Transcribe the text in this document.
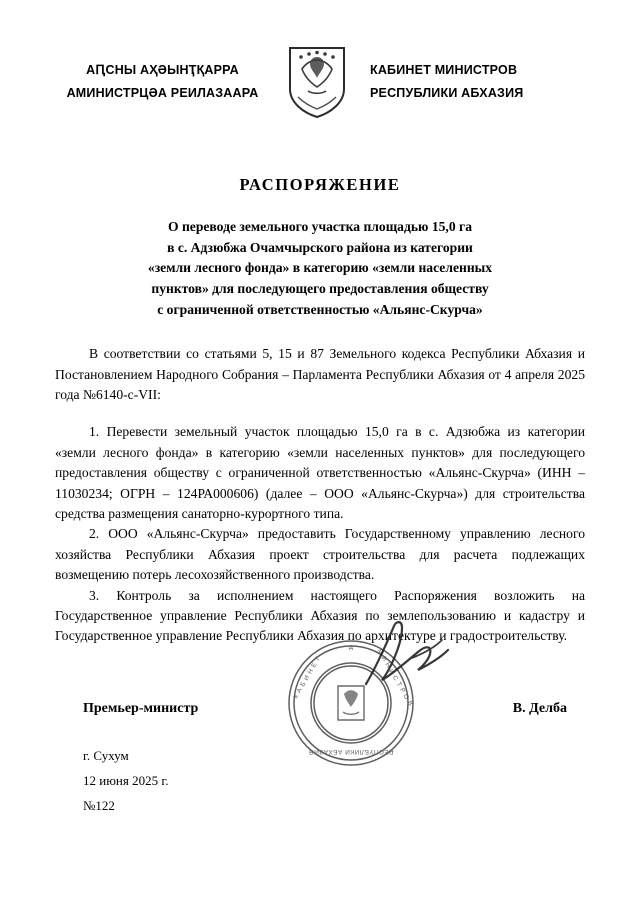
АԤСНЫ АҲӘЫНҬҚАРРА
АМИНИСТРЦӘА РЕИЛАЗААРА
КАБИНЕТ МИНИСТРОВ
РЕСПУБЛИКИ АБХАЗИЯ
РАСПОРЯЖЕНИЕ
О переводе земельного участка площадью 15,0 га
в с. Адзюбжа Очамчырского района из категории
«земли лесного фонда» в категорию «земли населенных
пунктов» для последующего предоставления обществу
с ограниченной ответственностью «Альянс-Скурча»

В соответствии со статьями 5, 15 и 87 Земельного кодекса Республики Абхазия и Постановлением Народного Собрания – Парламента Республики Абхазия от 4 апреля 2025 года №6140-с-VII:

1. Перевести земельный участок площадью 15,0 га в с. Адзюбжа из категории «земли лесного фонда» в категорию «земли населенных пунктов» для последующего предоставления обществу с ограниченной ответственностью «Альянс-Скурча» (ИНН – 11030234; ОГРН – 124РА000606) (далее – ООО «Альянс-Скурча») для строительства средства размещения санаторно-курортного типа.

2. ООО «Альянс-Скурча» предоставить Государственному управлению лесного хозяйства Республики Абхазия проект строительства для расчета подлежащих возмещению потерь лесохозяйственного производства.

3. Контроль за исполнением настоящего Распоряжения возложить на Государственное управление Республики Абхазия по землепользованию и кадастру и Государственное управление Республики Абхазия по архитектуре и градостроительству.

Премьер-министр	В. Делба
г. Сухум
12 июня 2025 г.
№122
А
К А Б И Н Е Т	М И Н И С Т Р О В
РЕСПУБЛИКИ АБХАЗИЯ
